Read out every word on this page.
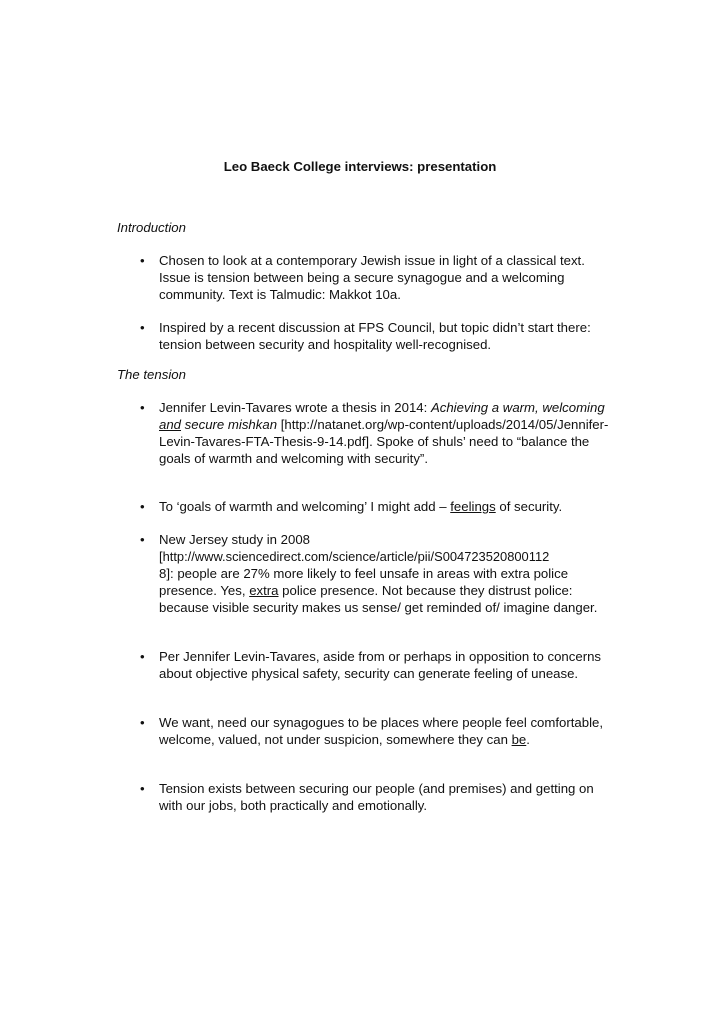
Leo Baeck College interviews: presentation
Introduction
•	Chosen to look at a contemporary Jewish issue in light of a classical text. Issue is tension between being a secure synagogue and a welcoming community. Text is Talmudic: Makkot 10a.
•	Inspired by a recent discussion at FPS Council, but topic didn’t start there: tension between security and hospitality well-recognised.
The tension
•	Jennifer Levin-Tavares wrote a thesis in 2014: Achieving a warm, welcoming and secure mishkan [http://natanet.org/wp-content/uploads/2014/05/Jennifer-Levin-Tavares-FTA-Thesis-9-14.pdf]. Spoke of shuls’ need to “balance the goals of warmth and welcoming with security”.
•	To ‘goals of warmth and welcoming’ I might add – feelings of security.
•	New Jersey study in 2008
[http://www.sciencedirect.com/science/article/pii/S004723520800112
8]: people are 27% more likely to feel unsafe in areas with extra police presence. Yes, extra police presence. Not because they distrust police: because visible security makes us sense/ get reminded of/ imagine danger.
•	Per Jennifer Levin-Tavares, aside from or perhaps in opposition to concerns about objective physical safety, security can generate feeling of unease.
•	We want, need our synagogues to be places where people feel comfortable, welcome, valued, not under suspicion, somewhere they can be.
•	Tension exists between securing our people (and premises) and getting on with our jobs, both practically and emotionally.
